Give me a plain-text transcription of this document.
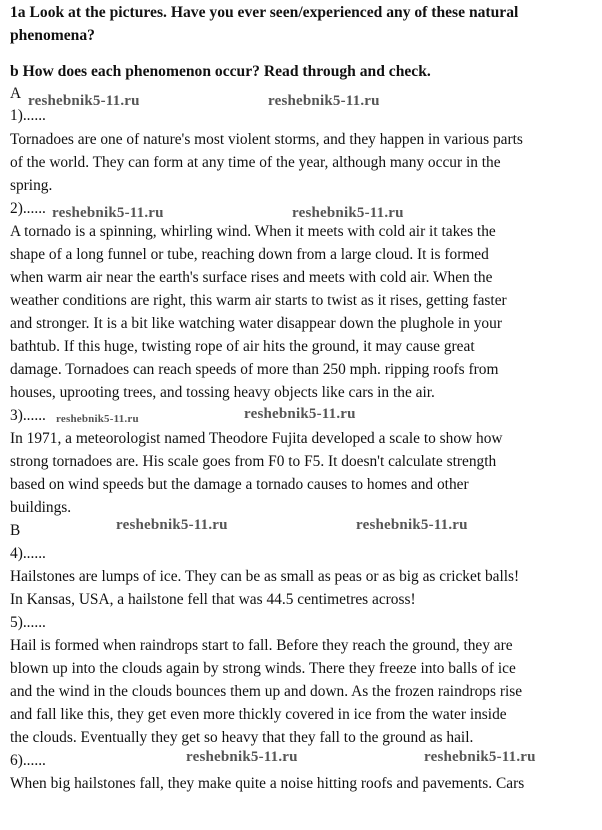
1a Look at the pictures. Have you ever seen/experienced any of these natural
phenomena?
b How does each phenomenon occur? Read through and check.
A
1)......
Tornadoes are one of nature's most violent storms, and they happen in various parts
of the world. They can form at any time of the year, although many occur in the
spring.
2)......
A tornado is a spinning, whirling wind. When it meets with cold air it takes the
shape of a long funnel or tube, reaching down from a large cloud. It is formed
when warm air near the earth's surface rises and meets with cold air. When the
weather conditions are right, this warm air starts to twist as it rises, getting faster
and stronger. It is a bit like watching water disappear down the plughole in your
bathtub. If this huge, twisting rope of air hits the ground, it may cause great
damage. Tornadoes can reach speeds of more than 250 mph. ripping roofs from
houses, uprooting trees, and tossing heavy objects like cars in the air.
3)......
In 1971, a meteorologist named Theodore Fujita developed a scale to show how
strong tornadoes are. His scale goes from F0 to F5. It doesn't calculate strength
based on wind speeds but the damage a tornado causes to homes and other
buildings.
B
4)......
Hailstones are lumps of ice. They can be as small as peas or as big as cricket balls!
In Kansas, USA, a hailstone fell that was 44.5 centimetres across!
5)......
Hail is formed when raindrops start to fall. Before they reach the ground, they are
blown up into the clouds again by strong winds. There they freeze into balls of ice
and the wind in the clouds bounces them up and down. As the frozen raindrops rise
and fall like this, they get even more thickly covered in ice from the water inside
the clouds. Eventually they get so heavy that they fall to the ground as hail.
6)......
When big hailstones fall, they make quite a noise hitting roofs and pavements. Cars
reshebnik5-11.ru	reshebnik5-11.ru
reshebnik5-11.ru	reshebnik5-11.ru
reshebnik5-11.ru	reshebnik5-11.ru
reshebnik5-11.ru	reshebnik5-11.ru
reshebnik5-11.ru	reshebnik5-11.ru
